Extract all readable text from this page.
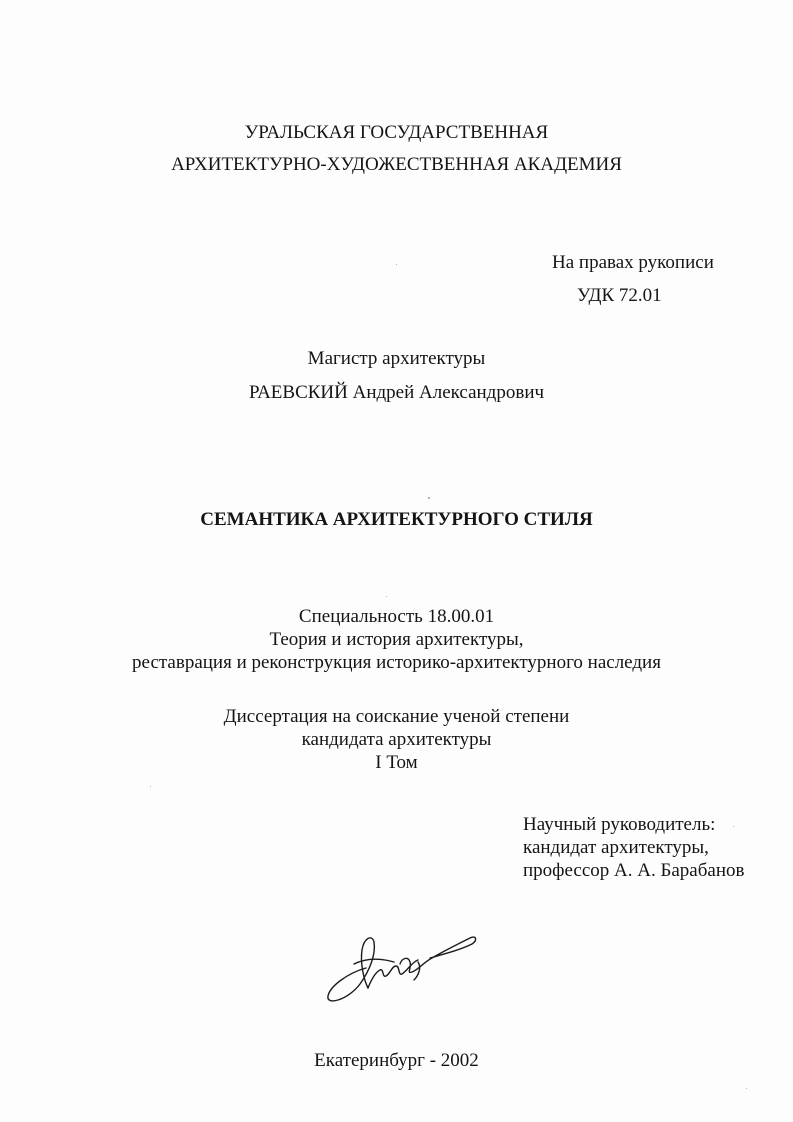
УРАЛЬСКАЯ ГОСУДАРСТВЕННАЯ
АРХИТЕКТУРНО-ХУДОЖЕСТВЕННАЯ АКАДЕМИЯ
На правах рукописи
УДК 72.01
Магистр архитектуры
РАЕВСКИЙ Андрей Александрович
СЕМАНТИКА АРХИТЕКТУРНОГО СТИЛЯ
Специальность 18.00.01
Теория и история архитектуры,
реставрация и реконструкция историко-архитектурного наследия
Диссертация на соискание ученой степени
кандидата архитектуры
I Том
Научный руководитель:
кандидат архитектуры,
профессор А. А. Барабанов
Екатеринбург - 2002
